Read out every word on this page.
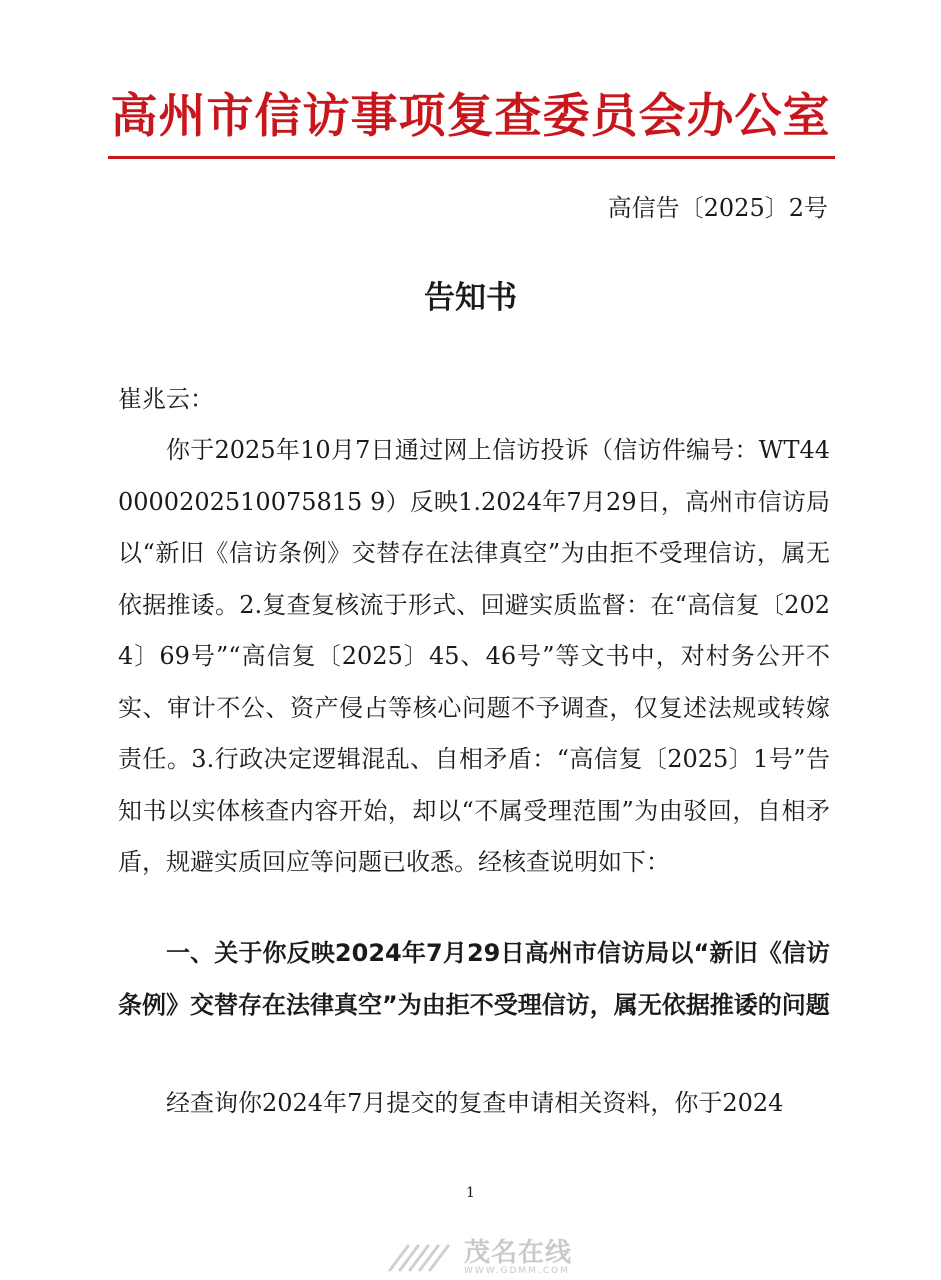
高州市信访事项复查委员会办公室
高信告〔2025〕2号
告知书
崔兆云：
你于2025年10月7日通过网上信访投诉（信访件编号：WT440000202510075815 9）反映1.2024年7月29日，高州市信访局以“新旧《信访条例》交替存在法律真空”为由拒不受理信访，属无依据推诿。2.复查复核流于形式、回避实质监督：在“高信复〔2024〕69号”“高信复〔2025〕45、46号”等文书中，对村务公开不实、审计不公、资产侵占等核心问题不予调查，仅复述法规或转嫁责任。3.行政决定逻辑混乱、自相矛盾：“高信复〔2025〕1号”告知书以实体核查内容开始，却以“不属受理范围”为由驳回，自相矛盾，规避实质回应等问题已收悉。经核查说明如下：
一、关于你反映2024年7月29日高州市信访局以“新旧《信访条例》交替存在法律真空”为由拒不受理信访，属无依据推诿的问题
经查询你2024年7月提交的复查申请相关资料，你于2024
1
茂名在线
WWW.GDMM.COM
